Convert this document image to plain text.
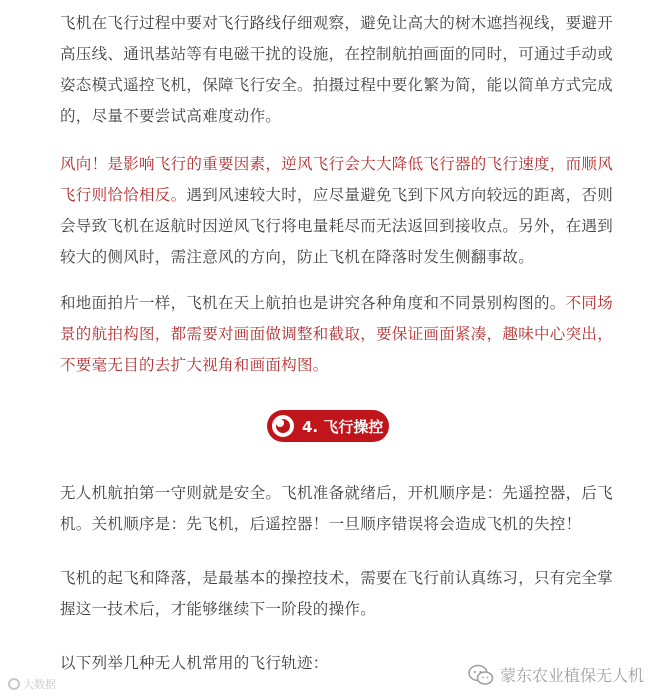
飞机在飞行过程中要对飞行路线仔细观察，避免让高大的树木遮挡视线，要避开高压线、通讯基站等有电磁干扰的设施，在控制航拍画面的同时，可通过手动或姿态模式遥控飞机，保障飞行安全。拍摄过程中要化繁为简，能以简单方式完成的，尽量不要尝试高难度动作。

风向！是影响飞行的重要因素，逆风飞行会大大降低飞行器的飞行速度，而顺风飞行则恰恰相反。遇到风速较大时，应尽量避免飞到下风方向较远的距离，否则会导致飞机在返航时因逆风飞行将电量耗尽而无法返回到接收点。另外，在遇到较大的侧风时，需注意风的方向，防止飞机在降落时发生侧翻事故。

和地面拍片一样，飞机在天上航拍也是讲究各种角度和不同景别构图的。不同场景的航拍构图，都需要对画面做调整和截取，要保证画面紧凑，趣味中心突出，不要毫无目的去扩大视角和画面构图。

4. 飞行操控

无人机航拍第一守则就是安全。飞机准备就绪后，开机顺序是：先遥控器，后飞机。关机顺序是：先飞机，后遥控器！一旦顺序错误将会造成飞机的失控！

飞机的起飞和降落，是最基本的操控技术，需要在飞行前认真练习，只有完全掌握这一技术后，才能够继续下一阶段的操作。

以下列举几种无人机常用的飞行轨迹：

大数据	蒙东农业植保无人机
